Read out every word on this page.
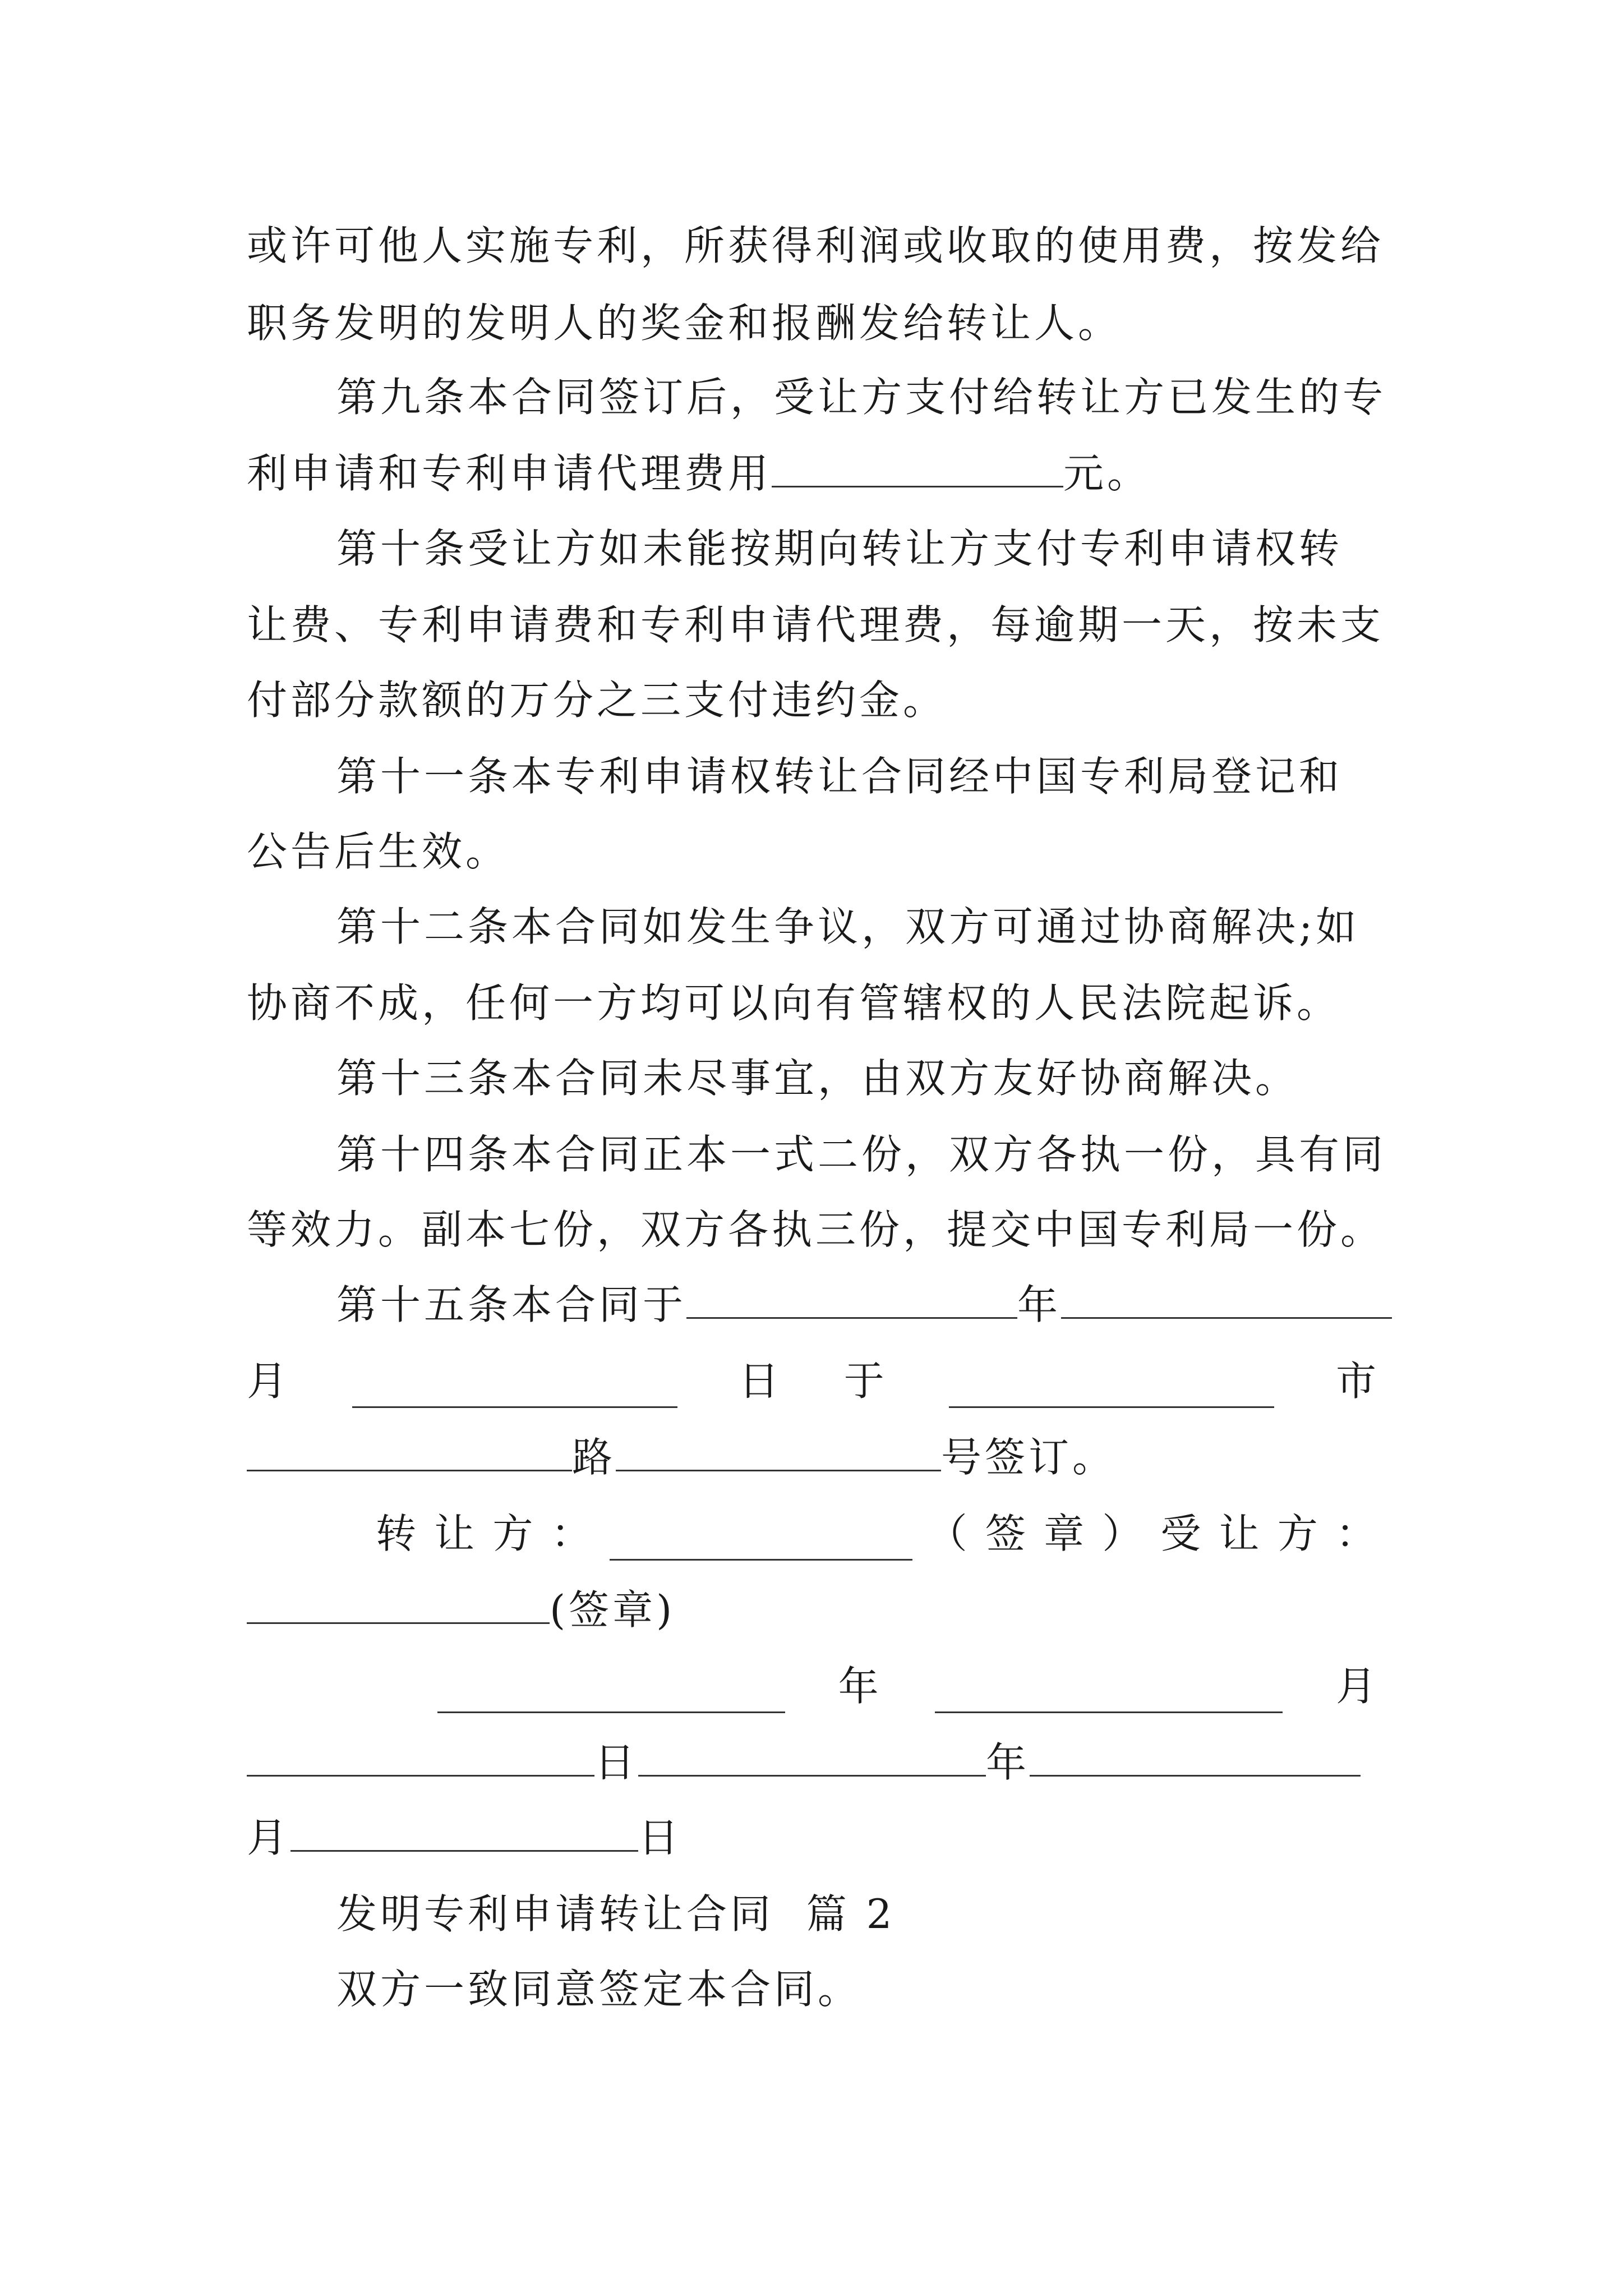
或许可他人实施专利，所获得利润或收取的使用费，按发给
职务发明的发明人的奖金和报酬发给转让人。
第九条本合同签订后，受让方支付给转让方已发生的专
利申请和专利申请代理费用	元。
第十条受让方如未能按期向转让方支付专利申请权转
让费、专利申请费和专利申请代理费，每逾期一天，按未支
付部分款额的万分之三支付违约金。
第十一条本专利申请权转让合同经中国专利局登记和
公告后生效。
第十二条本合同如发生争议，双方可通过协商解决;如
协商不成，任何一方均可以向有管辖权的人民法院起诉。
第十三条本合同未尽事宜，由双方友好协商解决。
第十四条本合同正本一式二份，双方各执一份，具有同
等效力。副本七份，双方各执三份，提交中国专利局一份。
第十五条本合同于	年
月	日 于	市
路	号签订。
转 让 方 ：	（ 签 章 ） 受 让 方 ：
(签章)
年	月
日	年
月	日
发明专利申请转让合同  篇 2
双方一致同意签定本合同。
